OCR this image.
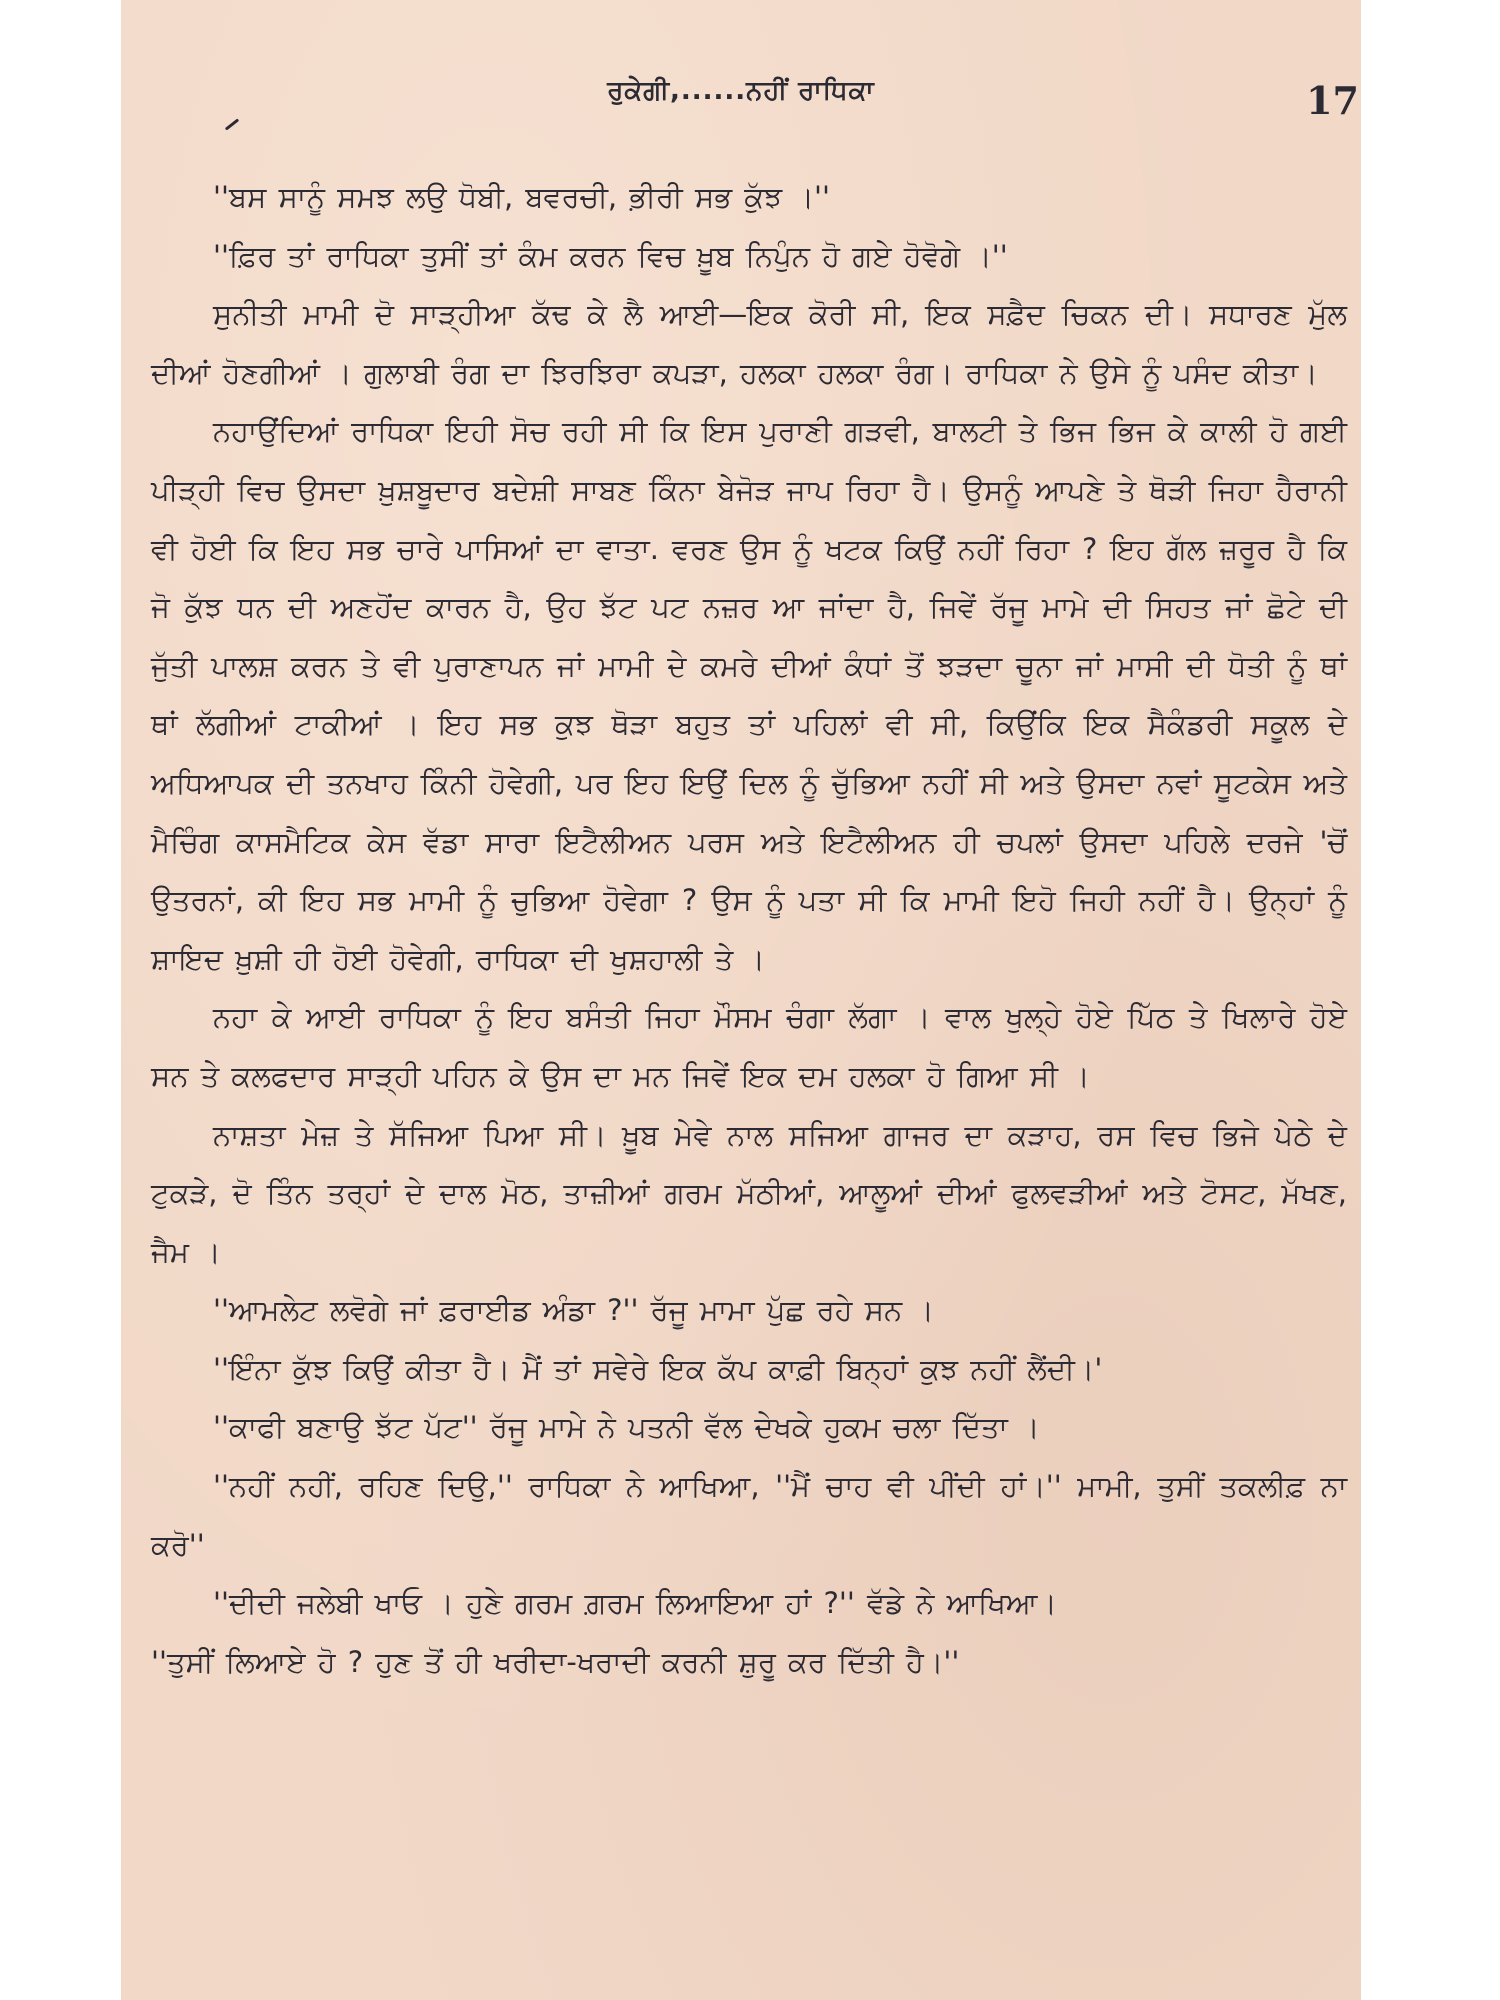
ਰੁਕੇਗੀ,......ਨਹੀਂ ਰਾਧਿਕਾ	17

''ਬਸ ਸਾਨੂੰ ਸਮਝ ਲਉ ਧੋਬੀ, ਬਵਰਚੀ, ਭ਼ੀਰੀ ਸਭ ਕੁੱਝ ।''

''ਫ਼ਿਰ ਤਾਂ ਰਾਧਿਕਾ ਤੁਸੀਂ ਤਾਂ ਕੰਮ ਕਰਨ ਵਿਚ ਖ਼ੂਬ ਨਿਪੁੰਨ ਹੋ ਗਏ ਹੋਵੋਗੇ ।''

ਸੁਨੀਤੀ ਮਾਮੀ ਦੋ ਸਾੜ੍ਹੀਆ ਕੱਢ ਕੇ ਲੈ ਆਈ—ਇਕ ਕੋਰੀ ਸੀ, ਇਕ ਸਫ਼ੈਦ ਚਿਕਨ ਦੀ। ਸਧਾਰਣ ਮੁੱਲ ਦੀਆਂ ਹੋਣਗੀਆਂ । ਗੁਲਾਬੀ ਰੰਗ ਦਾ ਝਿਰਝਿਰਾ ਕਪੜਾ, ਹਲਕਾ ਹਲਕਾ ਰੰਗ। ਰਾਧਿਕਾ ਨੇ ਉਸੇ ਨੂੰ ਪਸੰਦ ਕੀਤਾ।

ਨਹਾਉਂਦਿਆਂ ਰਾਧਿਕਾ ਇਹੀ ਸੋਚ ਰਹੀ ਸੀ ਕਿ ਇਸ ਪੁਰਾਣੀ ਗੜਵੀ, ਬਾਲਟੀ ਤੇ ਭਿਜ ਭਿਜ ਕੇ ਕਾਲੀ ਹੋ ਗਈ ਪੀੜ੍ਹੀ ਵਿਚ ਉਸਦਾ ਖ਼ੁਸ਼ਬੂਦਾਰ ਬਦੇਸ਼ੀ ਸਾਬਣ ਕਿੰਨਾ ਬੇਜੋੜ ਜਾਪ ਰਿਹਾ ਹੈ। ਉਸਨੂੰ ਆਪਣੇ ਤੇ ਥੋੜੀ ਜਿਹਾ ਹੈਰਾਨੀ ਵੀ ਹੋਈ ਕਿ ਇਹ ਸਭ ਚਾਰੇ ਪਾਸਿਆਂ ਦਾ ਵਾਤਾ. ਵਰਣ ਉਸ ਨੂੰ ਖਟਕ ਕਿਉਂ ਨਹੀਂ ਰਿਹਾ ? ਇਹ ਗੱਲ ਜ਼ਰੂਰ ਹੈ ਕਿ ਜੋ ਕੁੱਝ ਧਨ ਦੀ ਅਣਹੋਂਦ ਕਾਰਨ ਹੈ, ਉਹ ਝੱਟ ਪਟ ਨਜ਼ਰ ਆ ਜਾਂਦਾ ਹੈ, ਜਿਵੇਂ ਰੱਜੂ ਮਾਮੇ ਦੀ ਸਿਹਤ ਜਾਂ ਛੋਟੇ ਦੀ ਜੁੱਤੀ ਪਾਲਸ਼ ਕਰਨ ਤੇ ਵੀ ਪੁਰਾਣਾਪਨ ਜਾਂ ਮਾਮੀ ਦੇ ਕਮਰੇ ਦੀਆਂ ਕੰਧਾਂ ਤੋਂ ਝੜਦਾ ਚੂਨਾ ਜਾਂ ਮਾਸੀ ਦੀ ਧੋਤੀ ਨੂੰ ਥਾਂ ਥਾਂ ਲੱਗੀਆਂ ਟਾਕੀਆਂ । ਇਹ ਸਭ ਕੁਝ ਥੋੜਾ ਬਹੁਤ ਤਾਂ ਪਹਿਲਾਂ ਵੀ ਸੀ, ਕਿਉਂਕਿ ਇਕ ਸੈਕੰਡਰੀ ਸਕੂਲ ਦੇ ਅਧਿਆਪਕ ਦੀ ਤਨਖਾਹ ਕਿੰਨੀ ਹੋਵੇਗੀ, ਪਰ ਇਹ ਇਉਂ ਦਿਲ ਨੂੰ ਚੁੱਭਿਆ ਨਹੀਂ ਸੀ ਅਤੇ ਉਸਦਾ ਨਵਾਂ ਸੂਟਕੇਸ ਅਤੇ ਮੈਚਿੰਗ ਕਾਸਮੈਟਿਕ ਕੇਸ ਵੱਡਾ ਸਾਰਾ ਇਟੈਲੀਅਨ ਪਰਸ ਅਤੇ ਇਟੈਲੀਅਨ ਹੀ ਚਪਲਾਂ ਉਸਦਾ ਪਹਿਲੇ ਦਰਜੇ 'ਚੋਂ ਉਤਰਨਾਂ, ਕੀ ਇਹ ਸਭ ਮਾਮੀ ਨੂੰ ਚੁਭਿਆ ਹੋਵੇਗਾ ? ਉਸ ਨੂੰ ਪਤਾ ਸੀ ਕਿ ਮਾਮੀ ਇਹੋ ਜਿਹੀ ਨਹੀਂ ਹੈ। ਉਨ੍ਹਾਂ ਨੂੰ ਸ਼ਾਇਦ ਖ਼ੁਸ਼ੀ ਹੀ ਹੋਈ ਹੋਵੇਗੀ, ਰਾਧਿਕਾ ਦੀ ਖੁਸ਼ਹਾਲੀ ਤੇ ।

ਨਹਾ ਕੇ ਆਈ ਰਾਧਿਕਾ ਨੂੰ ਇਹ ਬਸੰਤੀ ਜਿਹਾ ਮੌਸਮ ਚੰਗਾ ਲੱਗਾ । ਵਾਲ ਖੁਲ੍ਹੇ ਹੋਏ ਪਿੱਠ ਤੇ ਖਿਲਾਰੇ ਹੋਏ ਸਨ ਤੇ ਕਲਫਦਾਰ ਸਾੜ੍ਹੀ ਪਹਿਨ ਕੇ ਉਸ ਦਾ ਮਨ ਜਿਵੇਂ ਇਕ ਦਮ ਹਲਕਾ ਹੋ ਗਿਆ ਸੀ ।

ਨਾਸ਼ਤਾ ਮੇਜ਼ ਤੇ ਸੱਜਿਆ ਪਿਆ ਸੀ। ਖ਼ੂਬ ਮੇਵੇ ਨਾਲ ਸਜਿਆ ਗਾਜਰ ਦਾ ਕੜਾਹ, ਰਸ ਵਿਚ ਭਿਜੇ ਪੇਠੇ ਦੇ ਟੁਕੜੇ, ਦੋ ਤਿੰਨ ਤਰ੍ਹਾਂ ਦੇ ਦਾਲ ਮੋਠ, ਤਾਜ਼ੀਆਂ ਗਰਮ ਮੱਠੀਆਂ, ਆਲੂਆਂ ਦੀਆਂ ਫੁਲਵੜੀਆਂ ਅਤੇ ਟੋਸਟ, ਮੱਖਣ, ਜੈਮ ।

''ਆਮਲੇਟ ਲਵੋਗੇ ਜਾਂ ਫ਼ਰਾਈਡ ਅੰਡਾ ?'' ਰੱਜੂ ਮਾਮਾ ਪੁੱਛ ਰਹੇ ਸਨ ।

''ਇੰਨਾ ਕੁੱਝ ਕਿਉਂ ਕੀਤਾ ਹੈ। ਮੈਂ ਤਾਂ ਸਵੇਰੇ ਇਕ ਕੱਪ ਕਾਫ਼ੀ ਬਿਨ੍ਹਾਂ ਕੁਝ ਨਹੀਂ ਲੈਂਦੀ।'

''ਕਾਫੀ ਬਣਾਉ ਝੱਟ ਪੱਟ'' ਰੱਜੂ ਮਾਮੇ ਨੇ ਪਤਨੀ ਵੱਲ ਦੇਖਕੇ ਹੁਕਮ ਚਲਾ ਦਿੱਤਾ ।

''ਨਹੀਂ ਨਹੀਂ, ਰਹਿਣ ਦਿਉ,'' ਰਾਧਿਕਾ ਨੇ ਆਖਿਆ, ''ਮੈਂ ਚਾਹ ਵੀ ਪੀਂਦੀ ਹਾਂ।'' ਮਾਮੀ, ਤੁਸੀਂ ਤਕਲੀਫ਼ ਨਾ ਕਰੋ''

''ਦੀਦੀ ਜਲੇਬੀ ਖਾਓ । ਹੁਣੇ ਗਰਮ ਗ਼ਰਮ ਲਿਆਇਆ ਹਾਂ ?'' ਵੱਡੇ ਨੇ ਆਖਿਆ।

''ਤੁਸੀਂ ਲਿਆਏ ਹੋ ? ਹੁਣ ਤੋਂ ਹੀ ਖਰੀਦਾ-ਖਰਾਦੀ ਕਰਨੀ ਸ਼ੁਰੂ ਕਰ ਦਿੱਤੀ ਹੈ।''
